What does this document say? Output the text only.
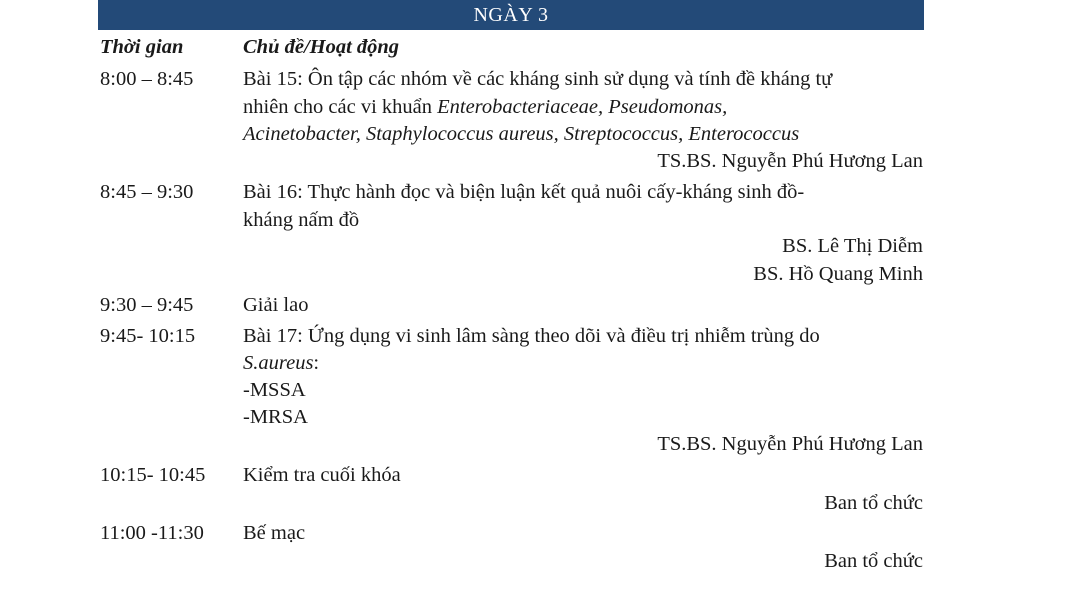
NGÀY 3
Thời gian	Chủ đề/Hoạt động
8:00 – 8:45 Bài 15: Ôn tập các nhóm về các kháng sinh sử dụng và tính đề kháng tự
nhiên cho các vi khuẩn Enterobacteriaceae, Pseudomonas,
Acinetobacter, Staphylococcus aureus, Streptococcus, Enterococcus
TS.BS. Nguyễn Phú Hương Lan
8:45 – 9:30 Bài 16: Thực hành đọc và biện luận kết quả nuôi cấy-kháng sinh đồ-
kháng nấm đồ
BS. Lê Thị Diễm
BS. Hồ Quang Minh
9:30 – 9:45 Giải lao
9:45- 10:15 Bài 17: Ứng dụng vi sinh lâm sàng theo dõi và điều trị nhiễm trùng do
S.aureus:
-MSSA
-MRSA
TS.BS. Nguyễn Phú Hương Lan
10:15- 10:45 Kiểm tra cuối khóa
Ban tổ chức
11:00 -11:30 Bế mạc
Ban tổ chức
